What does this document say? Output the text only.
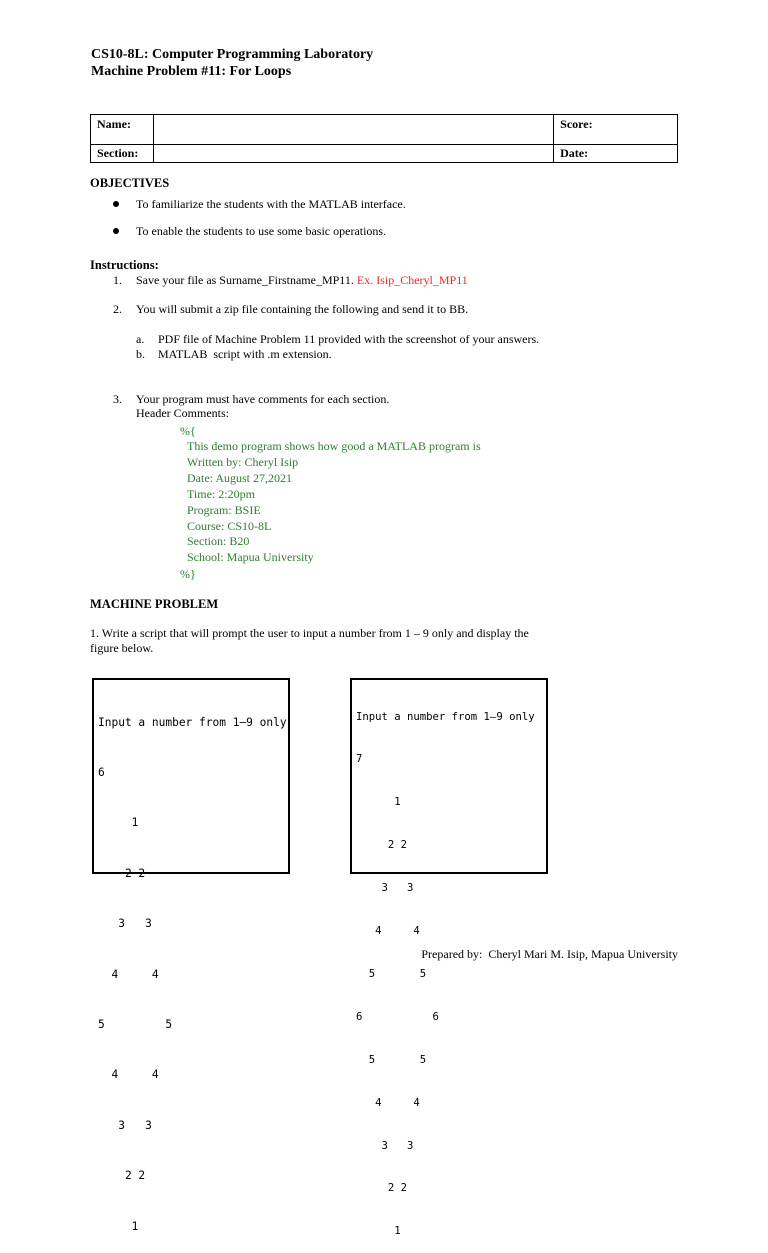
CS10-8L: Computer Programming Laboratory
Machine Problem #11: For Loops
Name:		Score:
Section:		Date:
OBJECTIVES
To familiarize the students with the MATLAB interface.
To enable the students to use some basic operations.
Instructions:
1. Save your file as Surname_Firstname_MP11. Ex. Isip_Cheryl_MP11
2. You will submit a zip file containing the following and send it to BB.
a. PDF file of Machine Problem 11 provided with the screenshot of your answers.
b. MATLAB  script with .m extension.
3. Your program must have comments for each section.
Header Comments:
%{
This demo program shows how good a MATLAB program is
Written by: Cheryl Isip
Date: August 27,2021
Time: 2:20pm
Program: BSIE
Course: CS10-8L
Section: B20
School: Mapua University
%}
MACHINE PROBLEM
1. Write a script that will prompt the user to input a number from 1 – 9 only and display the
figure below.

Input a number from 1–9 only

6

1

2 2

3   3

4     4

5         5

4     4

3   3

2 2

1

Input a number from 1–9 only

7

1

2 2

3   3

4     4

5       5

6           6

5       5

4     4

3   3

2 2

1

Prepared by:  Cheryl Mari M. Isip, Mapua University
